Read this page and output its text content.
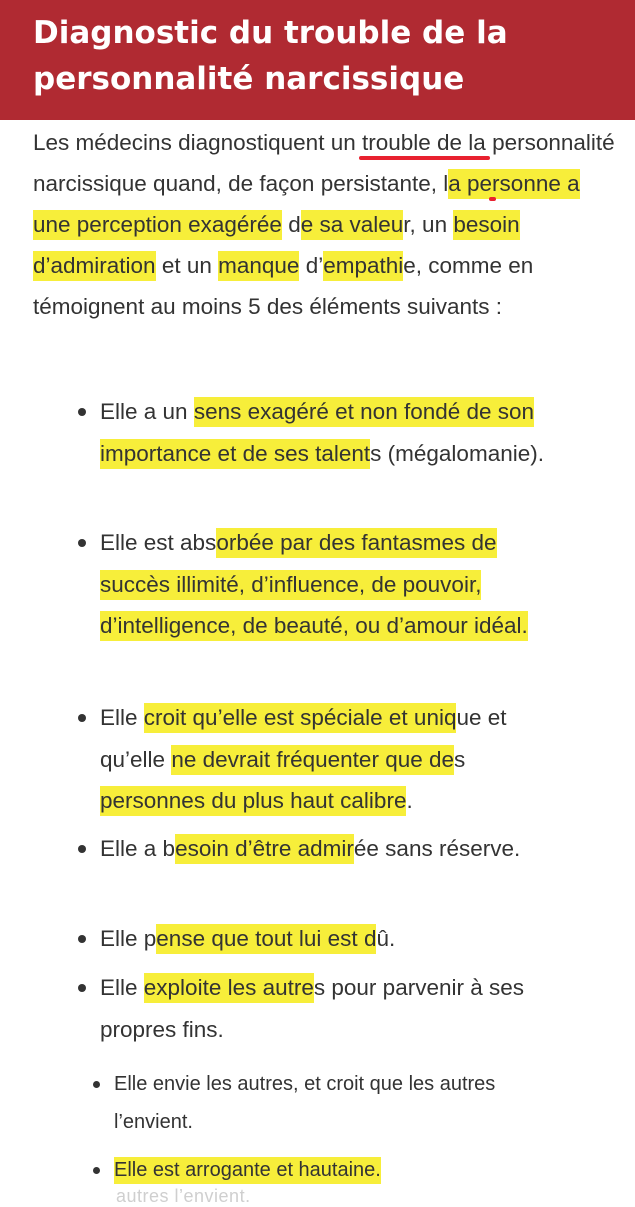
Diagnostic du trouble de la personnalité narcissique

Les médecins diagnostiquent un trouble de la personnalité narcissique quand, de façon persistante, la personne a une perception exagérée de sa valeur, un besoin d’admiration et un manque d’empathie, comme en témoignent au moins 5 des éléments suivants :

Elle a un sens exagéré et non fondé de son importance et de ses talents (mégalomanie).
Elle est absorbée par des fantasmes de succès illimité, d’influence, de pouvoir, d’intelligence, de beauté, ou d’amour idéal.
Elle croit qu’elle est spéciale et unique et qu’elle ne devrait fréquenter que des personnes du plus haut calibre.
Elle a besoin d’être admirée sans réserve.
Elle pense que tout lui est dû.
Elle exploite les autres pour parvenir à ses propres fins.
Elle envie les autres, et croit que les autres l’envient.
Elle est arrogante et hautaine.
autres l’envient.
